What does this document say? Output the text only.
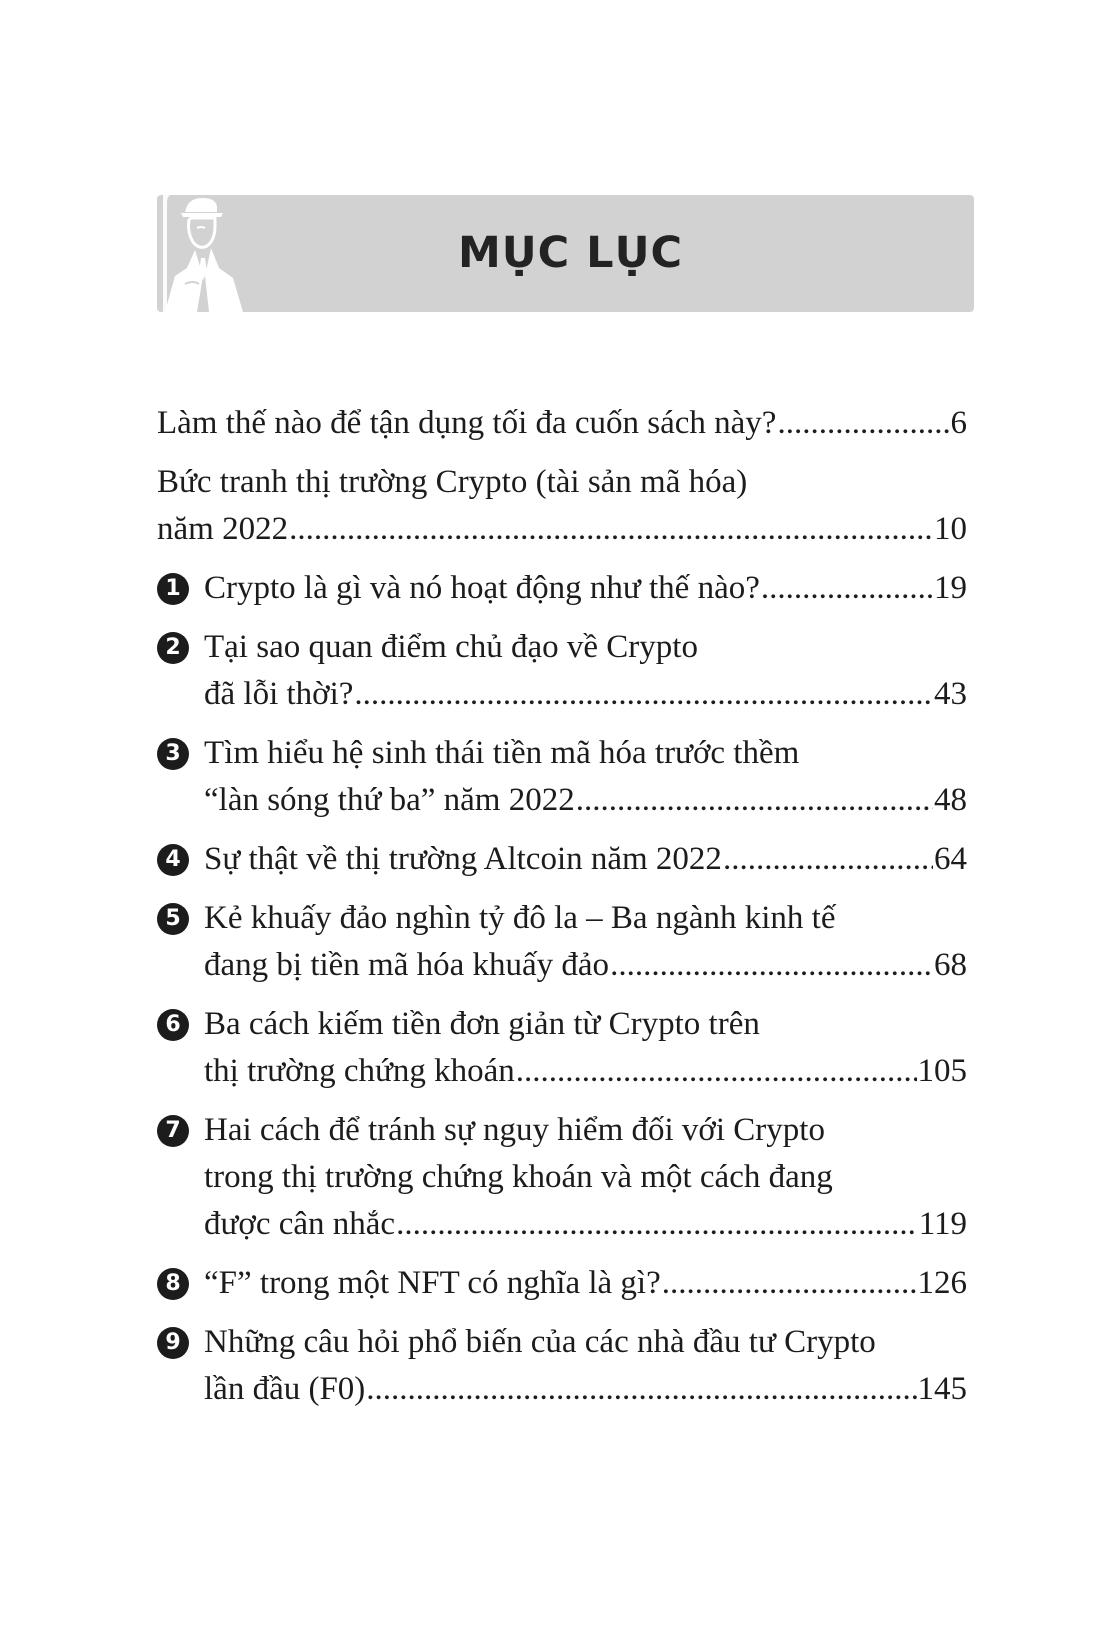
MỤC LỤC
Làm thế nào để tận dụng tối đa cuốn sách này? .....	6
Bức tranh thị trường Crypto (tài sản mã hóa)
năm 2022 .....	10
1 Crypto là gì và nó hoạt động như thế nào? .....	19
2 Tại sao quan điểm chủ đạo về Crypto
đã lỗi thời? .....	43
3 Tìm hiểu hệ sinh thái tiền mã hóa trước thềm
“làn sóng thứ ba” năm 2022 .....	48
4 Sự thật về thị trường Altcoin năm 2022 .....	64
5 Kẻ khuấy đảo nghìn tỷ đô la – Ba ngành kinh tế
đang bị tiền mã hóa khuấy đảo .....	68
6 Ba cách kiếm tiền đơn giản từ Crypto trên
thị trường chứng khoán .....	105
7 Hai cách để tránh sự nguy hiểm đối với Crypto
trong thị trường chứng khoán và một cách đang
được cân nhắc .....	119
8 “F” trong một NFT có nghĩa là gì? .....	126
9 Những câu hỏi phổ biến của các nhà đầu tư Crypto
lần đầu (F0) .....	145
